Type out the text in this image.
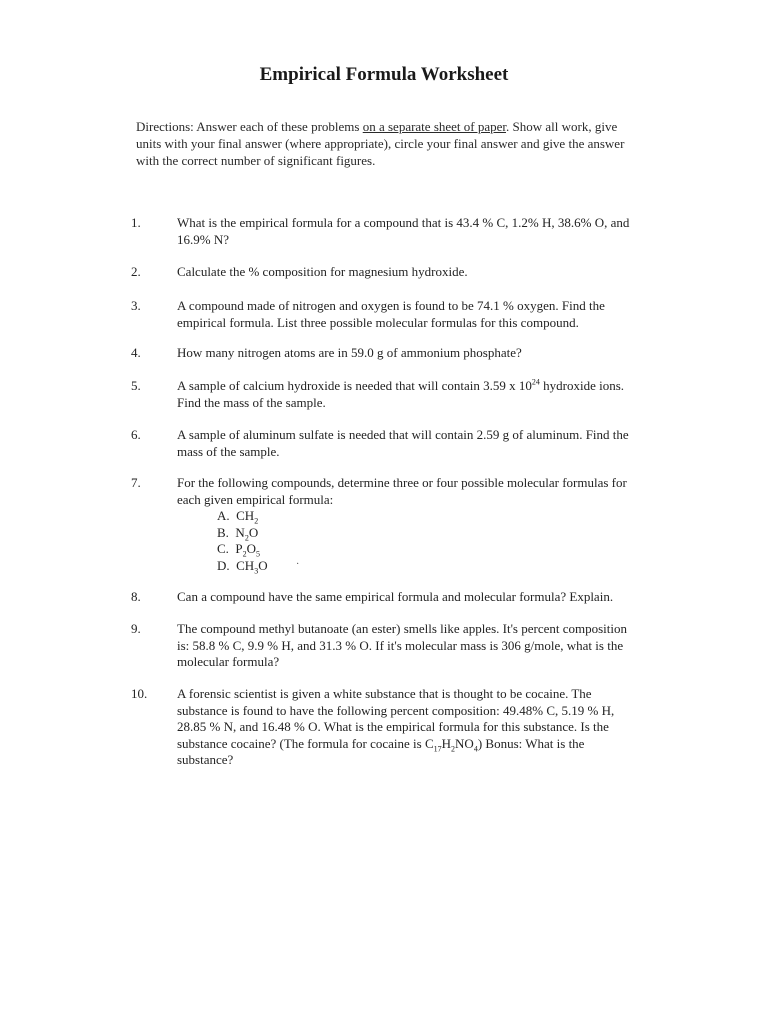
Empirical Formula Worksheet
Directions: Answer each of these problems on a separate sheet of paper. Show all work, give units with your final answer (where appropriate), circle your final answer and give the answer with the correct number of significant figures.
1.	What is the empirical formula for a compound that is 43.4 % C, 1.2% H, 38.6% O, and 16.9% N?
2.	Calculate the % composition for magnesium hydroxide.
3.	A compound made of nitrogen and oxygen is found to be 74.1 % oxygen. Find the empirical formula. List three possible molecular formulas for this compound.
4.	How many nitrogen atoms are in 59.0 g of ammonium phosphate?
5.	A sample of calcium hydroxide is needed that will contain 3.59 x $10^{24}$ hydroxide ions. Find the mass of the sample.
6.	A sample of aluminum sulfate is needed that will contain 2.59 g of aluminum. Find the mass of the sample.
7.	For the following compounds, determine three or four possible molecular formulas for each given empirical formula:
A. $CH_2$
B. $N_2O$
C. $P_2O_5$
D. $CH_3O$	·
8.	Can a compound have the same empirical formula and molecular formula? Explain.
9.	The compound methyl butanoate (an ester) smells like apples. It's percent composition is: 58.8 % C, 9.9 % H, and 31.3 % O. If it's molecular mass is 306 g/mole, what is the molecular formula?
10.	A forensic scientist is given a white substance that is thought to be cocaine. The substance is found to have the following percent composition: 49.48% C, 5.19 % H, 28.85 % N, and 16.48 % O. What is the empirical formula for this substance. Is the substance cocaine? (The formula for cocaine is $C_{17}H_2NO_4$) Bonus: What is the substance?
